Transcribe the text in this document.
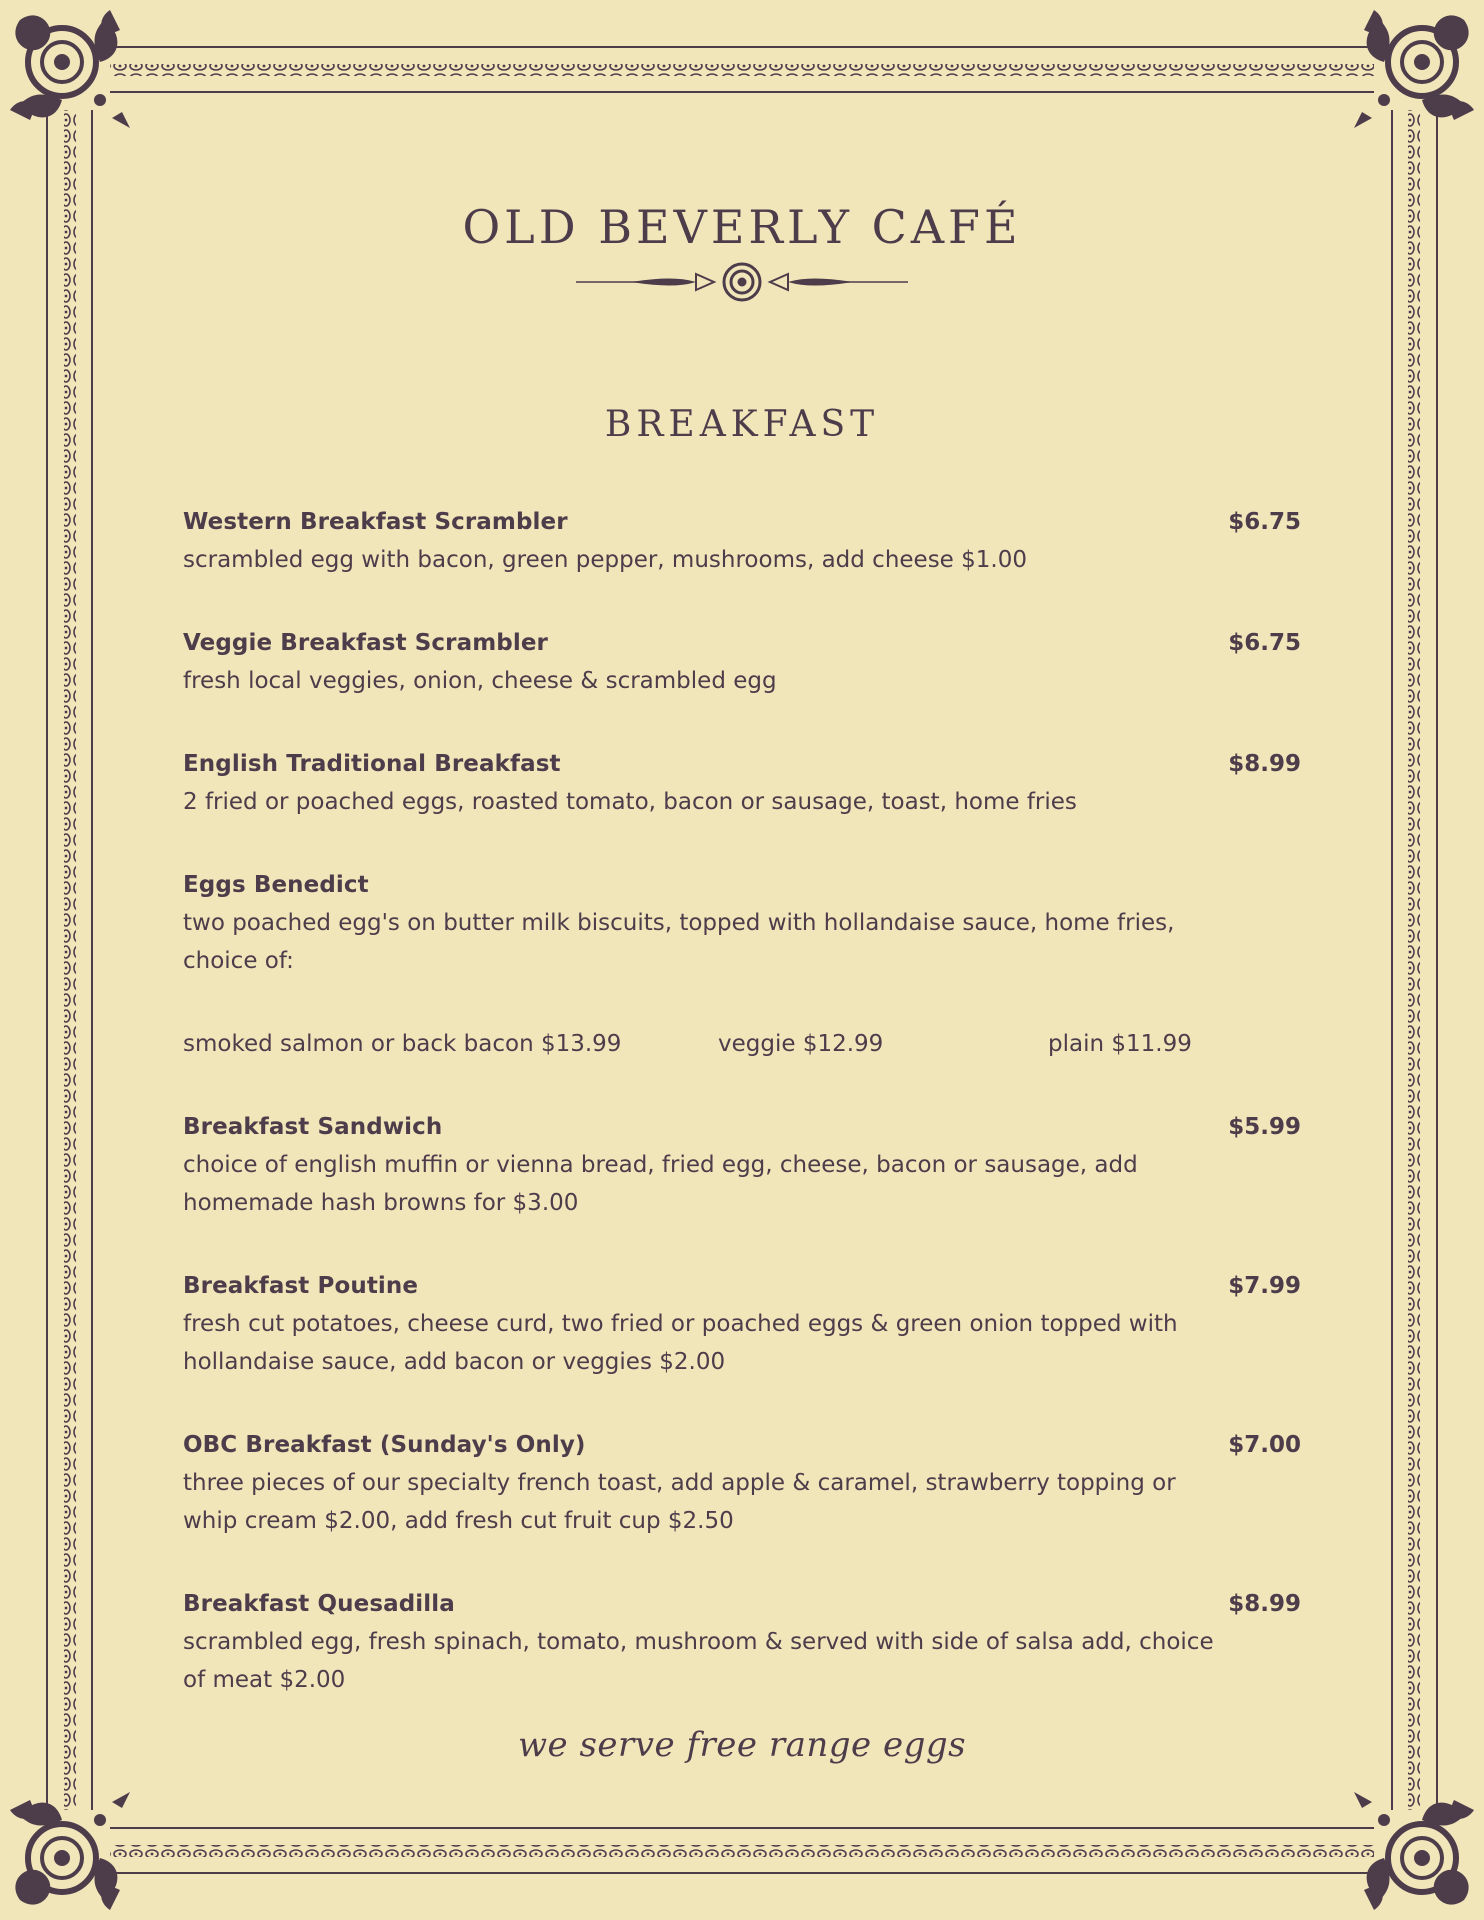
OLD BEVERLY CAFÉ
BREAKFAST
Western Breakfast Scrambler	$6.75
scrambled egg with bacon, green pepper, mushrooms, add cheese $1.00
Veggie Breakfast Scrambler	$6.75
fresh local veggies, onion, cheese & scrambled egg
English Traditional Breakfast	$8.99
2 fried or poached eggs, roasted tomato, bacon or sausage, toast, home fries
Eggs Benedict
two poached egg's on butter milk biscuits, topped with hollandaise sauce, home fries, choice of:
smoked salmon or back bacon $13.99	veggie $12.99	plain $11.99
Breakfast Sandwich	$5.99
choice of english muffin or vienna bread, fried egg, cheese, bacon or sausage, add homemade hash browns for $3.00
Breakfast Poutine	$7.99
fresh cut potatoes, cheese curd, two fried or poached eggs & green onion topped with hollandaise sauce, add bacon or veggies $2.00
OBC Breakfast (Sunday's Only)	$7.00
three pieces of our specialty french toast, add apple & caramel, strawberry topping or whip cream $2.00, add fresh cut fruit cup $2.50
Breakfast Quesadilla	$8.99
scrambled egg, fresh spinach, tomato, mushroom & served with side of salsa add, choice of meat $2.00
we serve free range eggs
